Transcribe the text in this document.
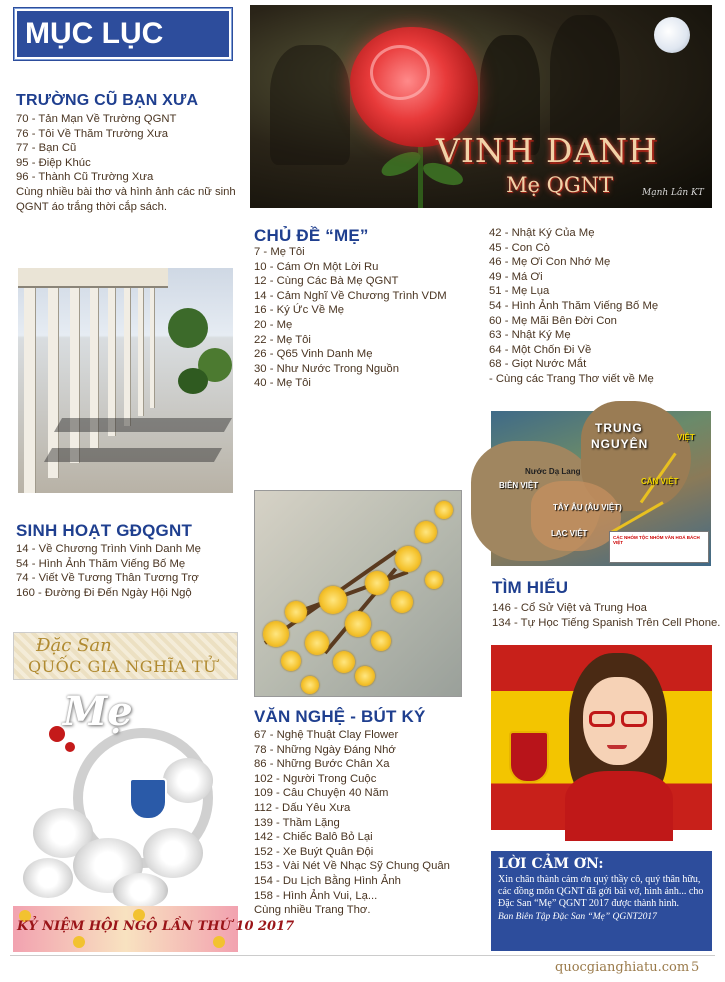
MỤC LỤC
TRƯỜNG CŨ BẠN XƯA
70 - Tản Mạn Về Trường QGNT
76 - Tôi Về Thăm Trường Xưa
77 - Bạn Cũ
95 - Điệp Khúc
96 - Thành Cũ Trường Xưa
Cùng nhiều bài thơ và hình ảnh các nữ sinh
QGNT áo trắng thời cắp sách.
VINH DANH
Mẹ QGNT	Mạnh Lân KT
CHỦ ĐỀ “MẸ”
7 - Mẹ Tôi
10 - Cám Ơn Một Lời Ru
12 - Cùng Các Bà Mẹ QGNT
14 - Cảm Nghĩ Về Chương Trình VDM
16 - Ký Ức Về Mẹ
20 - Mẹ
22 - Mẹ Tôi
26 - Q65 Vinh Danh Mẹ
30 - Như Nước Trong Nguồn
40 - Mẹ Tôi
42 - Nhật Ký Của Mẹ
45 - Con Cò
46 - Mẹ Ơi Con Nhớ Mẹ
49 - Má Ơi
51 - Mẹ Lụa
54 - Hình Ảnh Thăm Viếng Bố Mẹ
60 - Mẹ Mãi Bên Đời Con
63 - Nhật Ký Mẹ
64 - Một Chốn Đi Về
68 - Giọt Nước Mắt
- Cùng các Trang Thơ viết về Mẹ
SINH HOẠT GĐQGNT
14 - Về Chương Trình Vinh Danh Mẹ
54 - Hình Ảnh Thăm Viếng Bố Mẹ
74 - Viết Về Tương Thân Tương Trợ
160 - Đường Đi Đến Ngày Hội Ngộ
TRUNG
NGUYÊN
Nước Dạ Lang
BIÊN VIỆT
TÂY ÂU (ÂU VIỆT)
LẠC VIỆT
VIỆT
CẨN VIỆT
CÁC NHÓM TỘC NHÓM VĂN HOÁ BÁCH VIỆT
TÌM HIỂU
146 - Cổ Sử Việt và Trung Hoa
134 - Tự Học Tiếng Spanish Trên Cell Phone.
Đặc San
QUỐC GIA NGHĨA TỬ
Mẹ
KỶ NIỆM HỘI NGỘ LẦN THỨ 10 2017
VĂN NGHỆ - BÚT KÝ
67 - Nghệ Thuật Clay Flower
78 - Những Ngày Đáng Nhớ
86 - Những Bước Chân Xa
102 - Người Trong Cuộc
109 - Câu Chuyện 40 Năm
112 - Dấu Yêu Xưa
139 - Thầm Lặng
142 - Chiếc Balô Bỏ Lại
152 - Xe Buýt Quân Đội
153 - Vài Nét Về Nhạc Sỹ Chung Quân
154 - Du Lịch Bằng Hình Ảnh
158 - Hình Ảnh Vui, Lạ...
Cùng nhiều Trang Thơ.
LỜI CẢM ƠN:
Xin chân thành cảm ơn quý thầy cô, quý thân hữu, các đồng môn QGNT đã gởi bài vở, hình ảnh... cho Đặc San “Mẹ” QGNT 2017 được thành hình.
Ban Biên Tập Đặc San “Mẹ” QGNT2017
quocgianghiatu.com 5
